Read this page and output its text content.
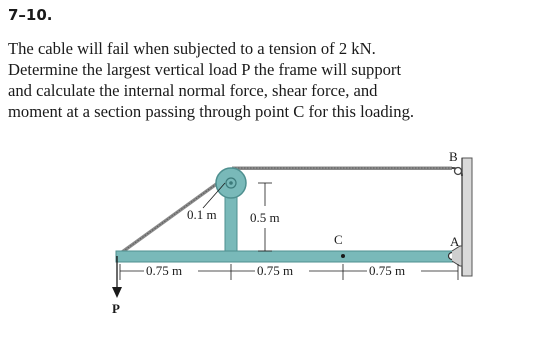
7–10.
The cable will fail when subjected to a tension of 2 kN.
Determine the largest vertical load P the frame will support
and calculate the internal normal force, shear force, and
moment at a section passing through point C for this loading.
B
0.1 m	0.5 m
C	A
0.75 m	0.75 m	0.75 m
P
